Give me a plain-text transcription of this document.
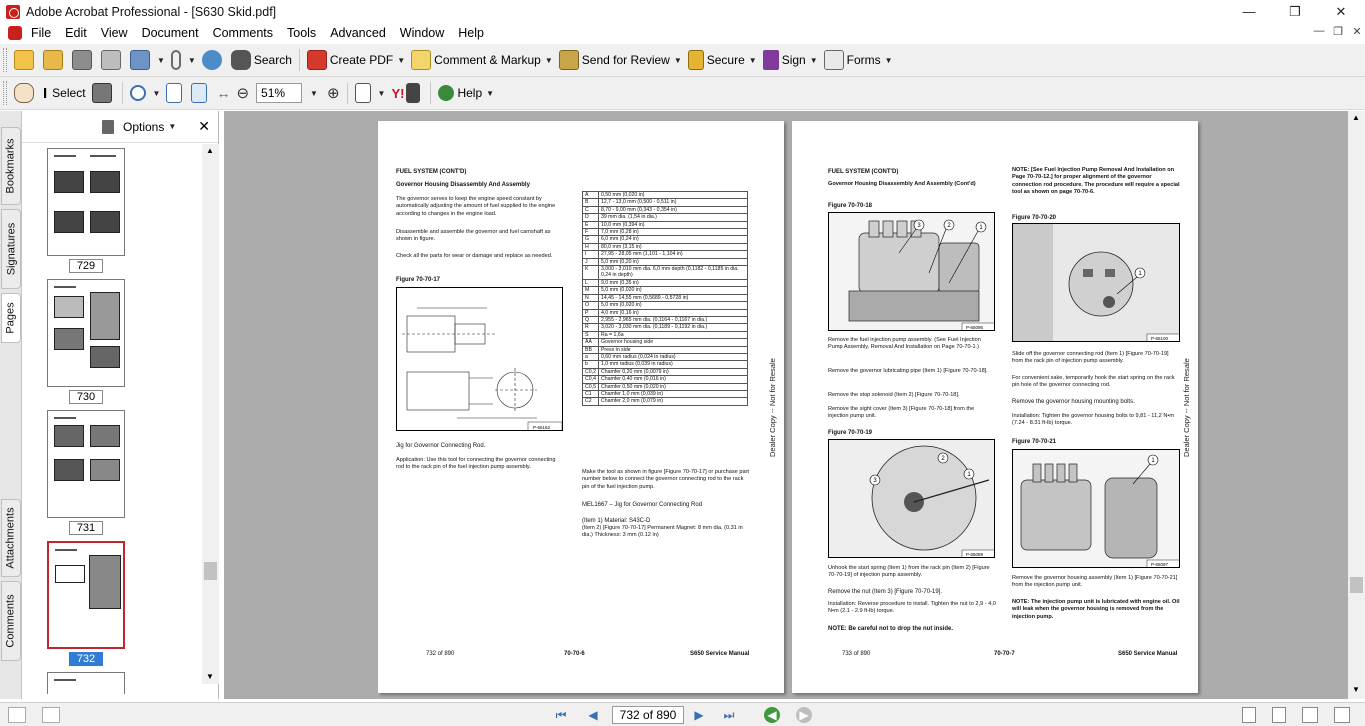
Adobe Acrobat Professional - [S630 Skid.pdf]	—	❐	✕
File	Edit	View	Document	Comments	Tools	Advanced	Window	Help	— ❐ ✕
▼	▼	Search	Create PDF ▼ Comment & Markup ▼ Send for Review ▼ Secure ▼ Sign ▼ Forms ▼
I Select	▼	↔ ⊖	51%	▼ ⊕	▼ Y!	Help ▼
Bookmarks
Signatures
Pages
Attachments
Comments
Options ▼ ✕
729
730
731
732
▲
▼
FUEL SYSTEM (CONT'D)
Governor Housing Disassembly And Assembly
The governor serves to keep the engine speed constant by automatically adjusting the amount of fuel supplied to the engine according to changes in the engine load.
Disassemble and assemble the governor and fuel camshaft as shown in figure.
Check all the parts for wear or damage and replace as needed.
Figure 70-70-17
P-65162
Jig for Governor Connecting Rod.
Application: Use this tool for connecting the governor connecting rod to the rack pin of the fuel injection pump assembly.
A	0,50 mm (0,020 in)
B	12,7 - 13,0 mm (0,500 - 0,511 in)
C	8,70 - 9,00 mm (0,343 - 0,354 in)
D	39 mm dia. (1,54 in dia.)
E	10,0 mm (0,394 in)
F	7,0 mm (0,28 in)
G	6,0 mm (0,24 in)
H	80,0 mm (3,15 in)
I	27,95 - 28,05 mm (1,101 - 1,104 in)
J	5,0 mm (0,20 in)
K	3,000 - 3,010 mm dia. 6,0 mm depth (0,1182 - 0,1185 in dia. 0,24 in depth)
L	9,0 mm (0,35 in)
M	5,0 mm (0,020 in)
N	14,45 - 14,55 mm (0,5689 - 0,5728 in)
O	5,0 mm (0,020 in)
P	4,0 mm (0,16 in)
Q	2,955 - 2,965 mm dia. (0,1164 - 0,1167 in dia.)
R	3,020 - 3,030 mm dia. (0,1189 - 0,1192 in dia.)
S	Ra = 1,6a
AA	Governor housing side
BB	Press in side
a	0,60 mm radius (0,024 in radius)
b	1,0 mm radius (0,039 in radius)
C0,2	Chamfer 0,20 mm (0,0079 in)
C0,4	Chamfer 0,40 mm (0,016 in)
C0,5	Chamfer 0,50 mm (0,020 in)
C1	Chamfer 1,0 mm (0,039 in)
C2	Chamfer 2,0 mm (0,079 in)
Make the tool as shown in figure [Figure 70-70-17] or purchase part number below to connect the governor connecting rod to the rack pin of the fuel injection pump.
MEL1667 – Jig for Governor Connecting Rod
(Item 1) Material: S43C-D
(Item 2) [Figure 70-70-17] Permanent Magnet: 8 mm dia. (0.31 in dia.) Thickness: 3 mm (0.12 in)
732 of 890	70-70-6	S650 Service Manual
Dealer Copy -- Not for Resale
FUEL SYSTEM (CONT'D)
Governor Housing Disassembly And Assembly (Cont'd)
Figure 70-70-18
3	2	1
P-65095
Remove the fuel injection pump assembly. (See Fuel Injection Pump Assembly, Removal And Installation on Page 70-70-1.)
Remove the governor lubricating pipe (Item 1) [Figure 70-70-18].
Remove the stop solenoid (Item 2) [Figure 70-70-18].
Remove the sight cover (Item 3) [Figure 70-70-18] from the injection pump unit.
Figure 70-70-19
3
2
1
P-65089
Unhook the start spring (Item 1) from the rack pin (Item 2) [Figure 70-70-19] of injection pump assembly.
Remove the nut (Item 3) [Figure 70-70-19].
Installation: Reverse procedure to install. Tighten the nut to 2,9 - 4,0 N•m (2.1 - 2.9 ft-lb) torque.
NOTE: Be careful not to drop the nut inside.
NOTE: [See Fuel Injection Pump Removal And Installation on Page 70-70-12.] for proper alignment of the governor connection rod procedure. The procedure will require a special tool as shown on page 70-70-6.
Figure 70-70-20
1
P-65100
Slide off the governor connecting rod (Item 1) [Figure 70-70-19] from the rack pin of injection pump assembly.
For convenient sake, temporarily hook the start spring on the rack pin hole of the governor connecting rod.
Remove the governor housing mounting bolts.
Installation: Tighten the governor housing bolts to 9,81 - 11,2 N•m (7.24 - 8.31 ft-lb) torque.
Figure 70-70-21
1
P-65097
Remove the governor housing assembly (Item 1) [Figure 70-70-21] from the injection pump unit.
NOTE: The injection pump unit is lubricated with engine oil. Oil will leak when the governor housing is removed from the injection pump.
733 of 890	70-70-7	S650 Service Manual
Dealer Copy -- Not for Resale
▲
▼
⏮	◀	732 of 890	▶	⏭	◀ ▶
